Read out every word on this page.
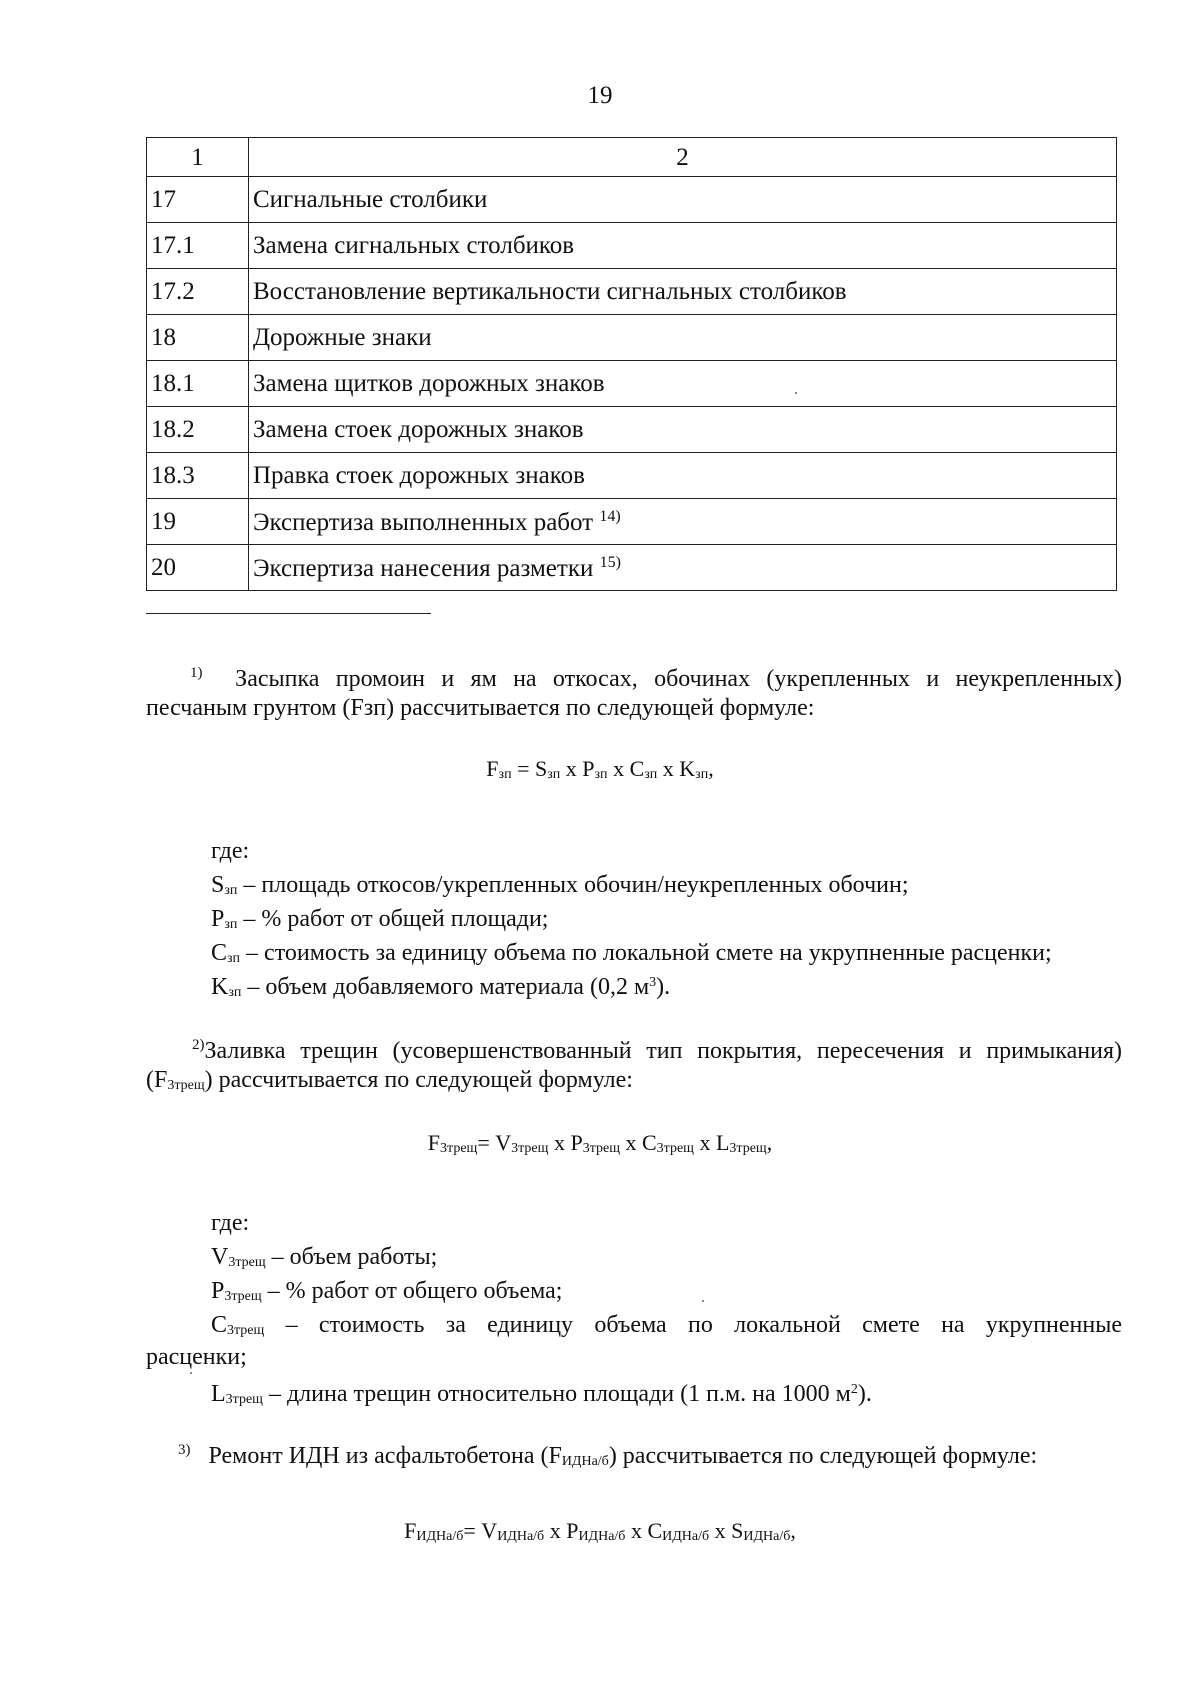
19
1	2
17	Сигнальные столбики
17.1	Замена сигнальных столбиков
17.2	Восстановление вертикальности сигнальных столбиков
18	Дорожные знаки
18.1	Замена щитков дорожных знаков
18.2	Замена стоек дорожных знаков
18.3	Правка стоек дорожных знаков
19	Экспертиза выполненных работ $^{14)}$
20	Экспертиза нанесения разметки $^{15)}$
$^{1)}$ Засыпка промоин и ям на откосах, обочинах (укрепленных и неукрепленных)
песчаным грунтом (Fзп) рассчитывается по следующей формуле:
$F_{зп} = S_{зп}$ x $P_{зп}$ x $C_{зп}$ x $K_{зп}$,
где:
$S_{зп}$ – площадь откосов/укрепленных обочин/неукрепленных обочин;
$P_{зп}$ – % работ от общей площади;
$C_{зп}$ – стоимость за единицу объема по локальной смете на укрупненные расценки;
$K_{зп}$ – объем добавляемого материала (0,2 $м^3$).
$^{2)}$Заливка трещин (усовершенствованный тип покрытия, пересечения и примыкания)
$(F_{3трещ})$ рассчитывается по следующей формуле:
$F_{3трещ}= V_{3трещ}$ x $P_{3трещ}$ x $C_{3трещ}$ x $L_{3трещ}$,
где:
$V_{3трещ}$ – объем работы;
$P_{3трещ}$ – % работ от общего объема;
$C_{3трещ}$ – стоимость за единицу объема по локальной смете на укрупненные
расценки;
$L_{3трещ}$ – длина трещин относительно площади (1 п.м. на 1000 $м^2$).
$^{3)}$ Ремонт ИДН из асфальтобетона $(F_{ИДНа/б})$ рассчитывается по следующей формуле:
$F_{ИДНа/б}= V_{ИДНа/б}$ x $P_{ИДНа/б}$ x $C_{ИДНа/б}$ x $S_{ИДНа/б}$,
